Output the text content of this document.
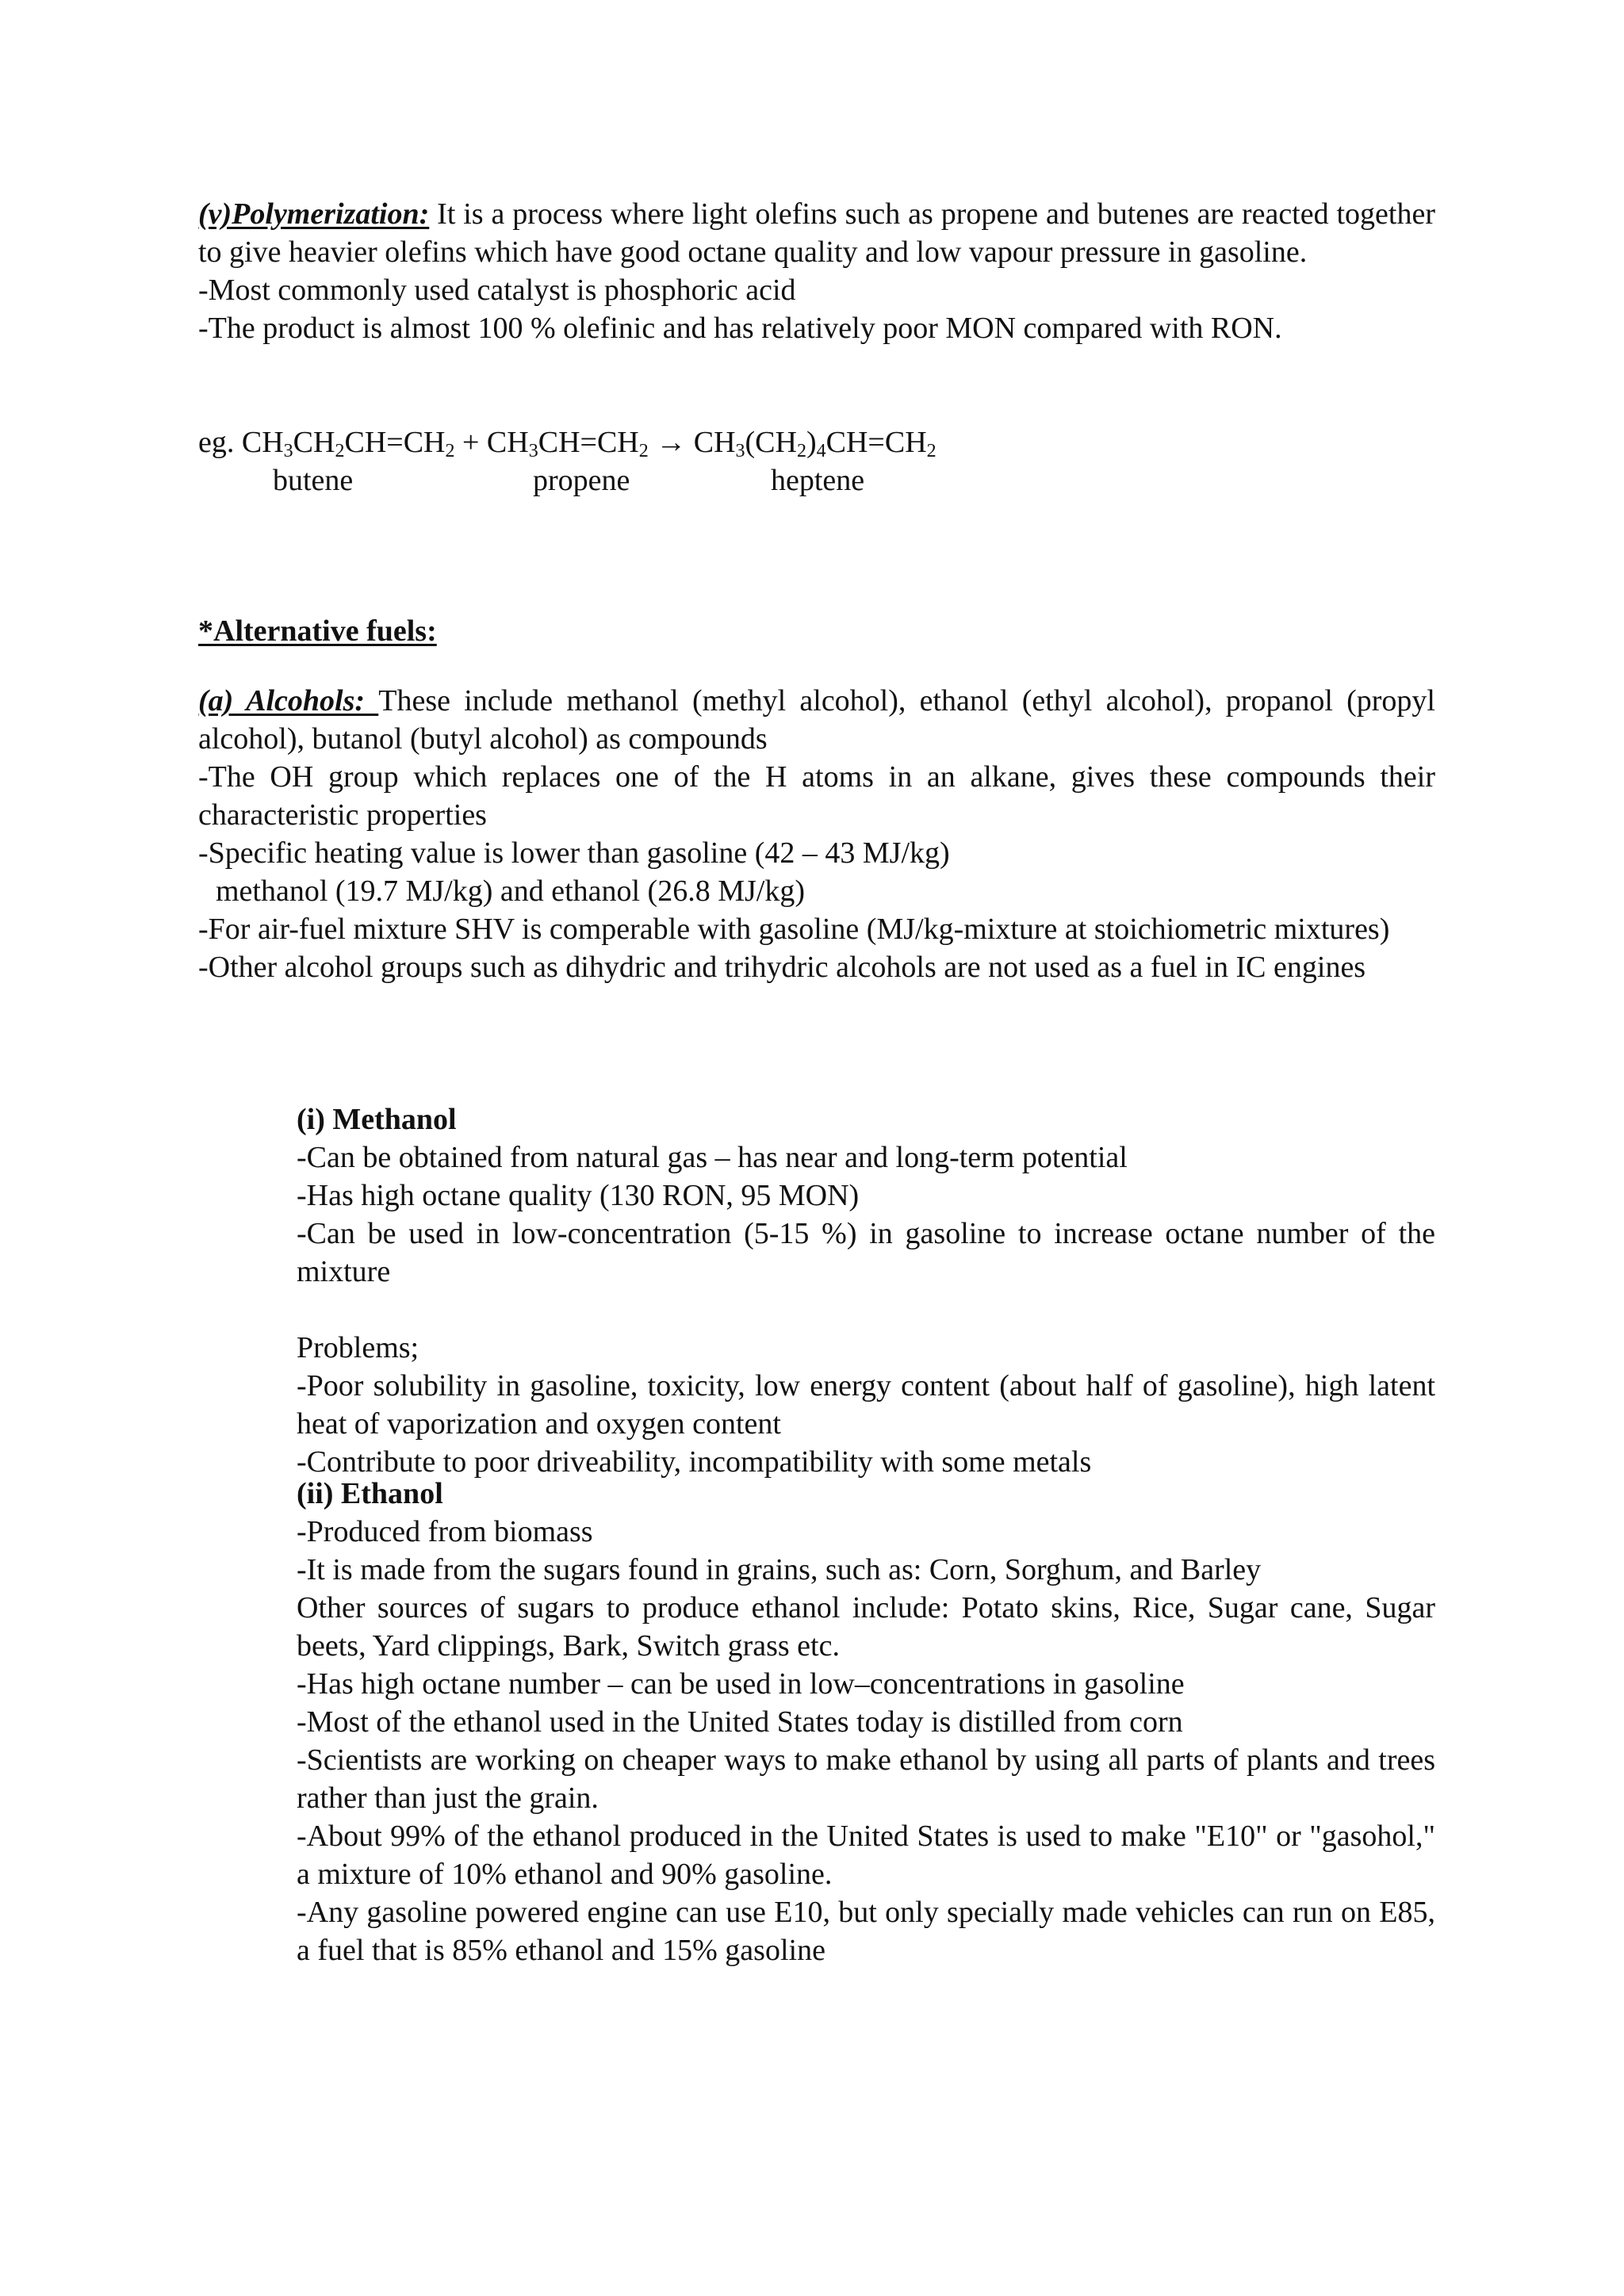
(v)Polymerization: It is a process where light olefins such as propene and butenes are reacted together to give heavier olefins which have good octane quality and low vapour pressure in gasoline.

-Most commonly used catalyst is phosphoric acid

-The product is almost 100 % olefinic and has relatively poor MON compared with RON.

eg. $CH_3CH_2CH=CH_2 + CH_3CH=CH_2 \to CH_3(CH_2)_4CH=CH_2$

butene	propene	heptene

*Alternative fuels:

(a) Alcohols: These include methanol (methyl alcohol), ethanol (ethyl alcohol), propanol (propyl alcohol), butanol (butyl alcohol) as compounds

-The OH group which replaces one of the H atoms in an alkane, gives these compounds their characteristic properties

-Specific heating value is lower than gasoline (42 – 43 MJ/kg)

methanol (19.7 MJ/kg) and ethanol (26.8 MJ/kg)

-For air-fuel mixture SHV is comperable with gasoline (MJ/kg-mixture at stoichiometric mixtures)

-Other alcohol groups such as dihydric and trihydric alcohols are not used as a fuel in IC engines

(i) Methanol

-Can be obtained from natural gas – has near and long-term potential

-Has high octane quality (130 RON, 95 MON)

-Can be used in low-concentration (5-15 %) in gasoline to increase octane number of the mixture

Problems;

-Poor solubility in gasoline, toxicity, low energy content (about half of gasoline), high latent heat of vaporization and oxygen content

-Contribute to poor driveability, incompatibility with some metals

(ii) Ethanol

-Produced from biomass

-It is made from the sugars found in grains, such as: Corn, Sorghum, and Barley

Other sources of sugars to produce ethanol include: Potato skins, Rice, Sugar cane, Sugar beets, Yard clippings, Bark, Switch grass etc.

-Has high octane number – can be used in low–concentrations in gasoline

-Most of the ethanol used in the United States today is distilled from corn

-Scientists are working on cheaper ways to make ethanol by using all parts of plants and trees rather than just the grain.

-About 99% of the ethanol produced in the United States is used to make "E10" or "gasohol," a mixture of 10% ethanol and 90% gasoline.

-Any gasoline powered engine can use E10, but only specially made vehicles can run on E85, a fuel that is 85% ethanol and 15% gasoline
